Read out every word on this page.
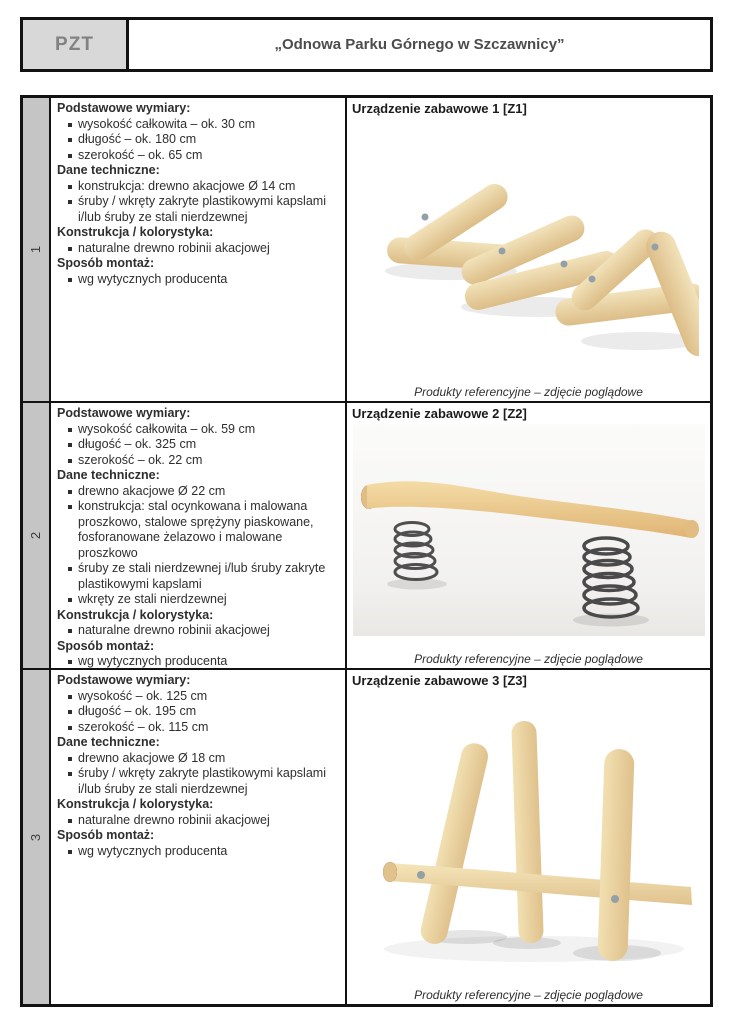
PZT	„Odnowa Parku Górnego w Szczawnicy”
1
Podstawowe wymiary:
wysokość całkowita – ok. 30 cm
długość – ok. 180 cm
szerokość – ok. 65 cm
Dane techniczne:
konstrukcja: drewno akacjowe Ø 14 cm
śruby / wkręty zakryte plastikowymi kapslami i/lub śruby ze stali nierdzewnej
Konstrukcja / kolorystyka:
naturalne drewno robinii akacjowej
Sposób montaż:
wg wytycznych producenta
Urządzenie zabawowe 1 [Z1]
Produkty referencyjne – zdjęcie poglądowe
2
Podstawowe wymiary:
wysokość całkowita – ok. 59 cm
długość – ok. 325 cm
szerokość – ok. 22 cm
Dane techniczne:
drewno akacjowe Ø 22 cm
konstrukcja: stal ocynkowana i malowana proszkowo, stalowe sprężyny piaskowane, fosforanowane żelazowo i malowane proszkowo
śruby ze stali nierdzewnej i/lub śruby zakryte plastikowymi kapslami
wkręty ze stali nierdzewnej
Konstrukcja / kolorystyka:
naturalne drewno robinii akacjowej
Sposób montaż:
wg wytycznych producenta
Urządzenie zabawowe 2 [Z2]
Produkty referencyjne – zdjęcie poglądowe
3
Podstawowe wymiary:
wysokość – ok. 125 cm
długość – ok. 195 cm
szerokość – ok. 115 cm
Dane techniczne:
drewno akacjowe Ø 18 cm
śruby / wkręty zakryte plastikowymi kapslami i/lub śruby ze stali nierdzewnej
Konstrukcja / kolorystyka:
naturalne drewno robinii akacjowej
Sposób montaż:
wg wytycznych producenta
Urządzenie zabawowe 3 [Z3]
Produkty referencyjne – zdjęcie poglądowe
